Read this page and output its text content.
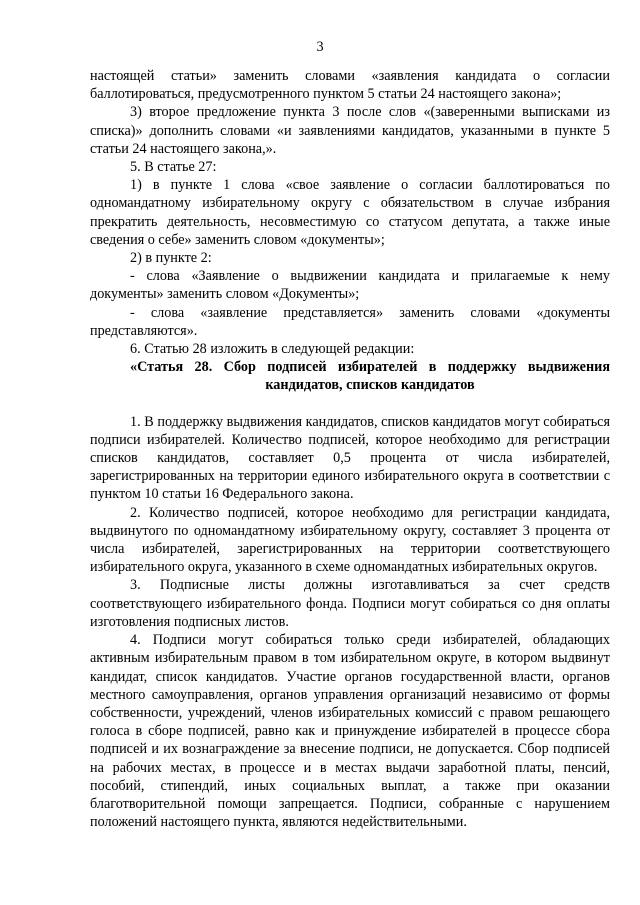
3

настоящей статьи» заменить словами «заявления кандидата о согласии баллотироваться, предусмотренного пунктом 5 статьи 24 настоящего закона»;

3) второе предложение пункта 3 после слов «(заверенными выписками из списка)» дополнить словами «и заявлениями кандидатов, указанными в пункте 5 статьи 24 настоящего закона,».

5. В статье 27:

1) в пункте 1 слова «свое заявление о согласии баллотироваться по одномандатному избирательному округу с обязательством в случае избрания прекратить деятельность, несовместимую со статусом депутата, а также иные сведения о себе» заменить словом «документы»;

2) в пункте 2:

- слова «Заявление о выдвижении кандидата и прилагаемые к нему документы» заменить словом «Документы»;

- слова «заявление представляется» заменить словами «документы представляются».

6. Статью 28 изложить в следующей редакции:

«Статья 28. Сбор подписей избирателей в поддержку выдвижения
кандидатов, списков кандидатов

1. В поддержку выдвижения кандидатов, списков кандидатов могут собираться подписи избирателей. Количество подписей, которое необходимо для регистрации списков кандидатов, составляет 0,5 процента от числа избирателей, зарегистрированных на территории единого избирательного округа в соответствии с пунктом 10 статьи 16 Федерального закона.

2. Количество подписей, которое необходимо для регистрации кандидата, выдвинутого по одномандатному избирательному округу, составляет 3 процента от числа избирателей, зарегистрированных на территории соответствующего избирательного округа, указанного в схеме одномандатных избирательных округов.

3. Подписные листы должны изготавливаться за счет средств соответствующего избирательного фонда. Подписи могут собираться со дня оплаты изготовления подписных листов.

4. Подписи могут собираться только среди избирателей, обладающих активным избирательным правом в том избирательном округе, в котором выдвинут кандидат, список кандидатов. Участие органов государственной власти, органов местного самоуправления, органов управления организаций независимо от формы собственности, учреждений, членов избирательных комиссий с правом решающего голоса в сборе подписей, равно как и принуждение избирателей в процессе сбора подписей и их вознаграждение за внесение подписи, не допускается. Сбор подписей на рабочих местах, в процессе и в местах выдачи заработной платы, пенсий, пособий, стипендий, иных социальных выплат, а также при оказании благотворительной помощи запрещается. Подписи, собранные с нарушением положений настоящего пункта, являются недействительными.
